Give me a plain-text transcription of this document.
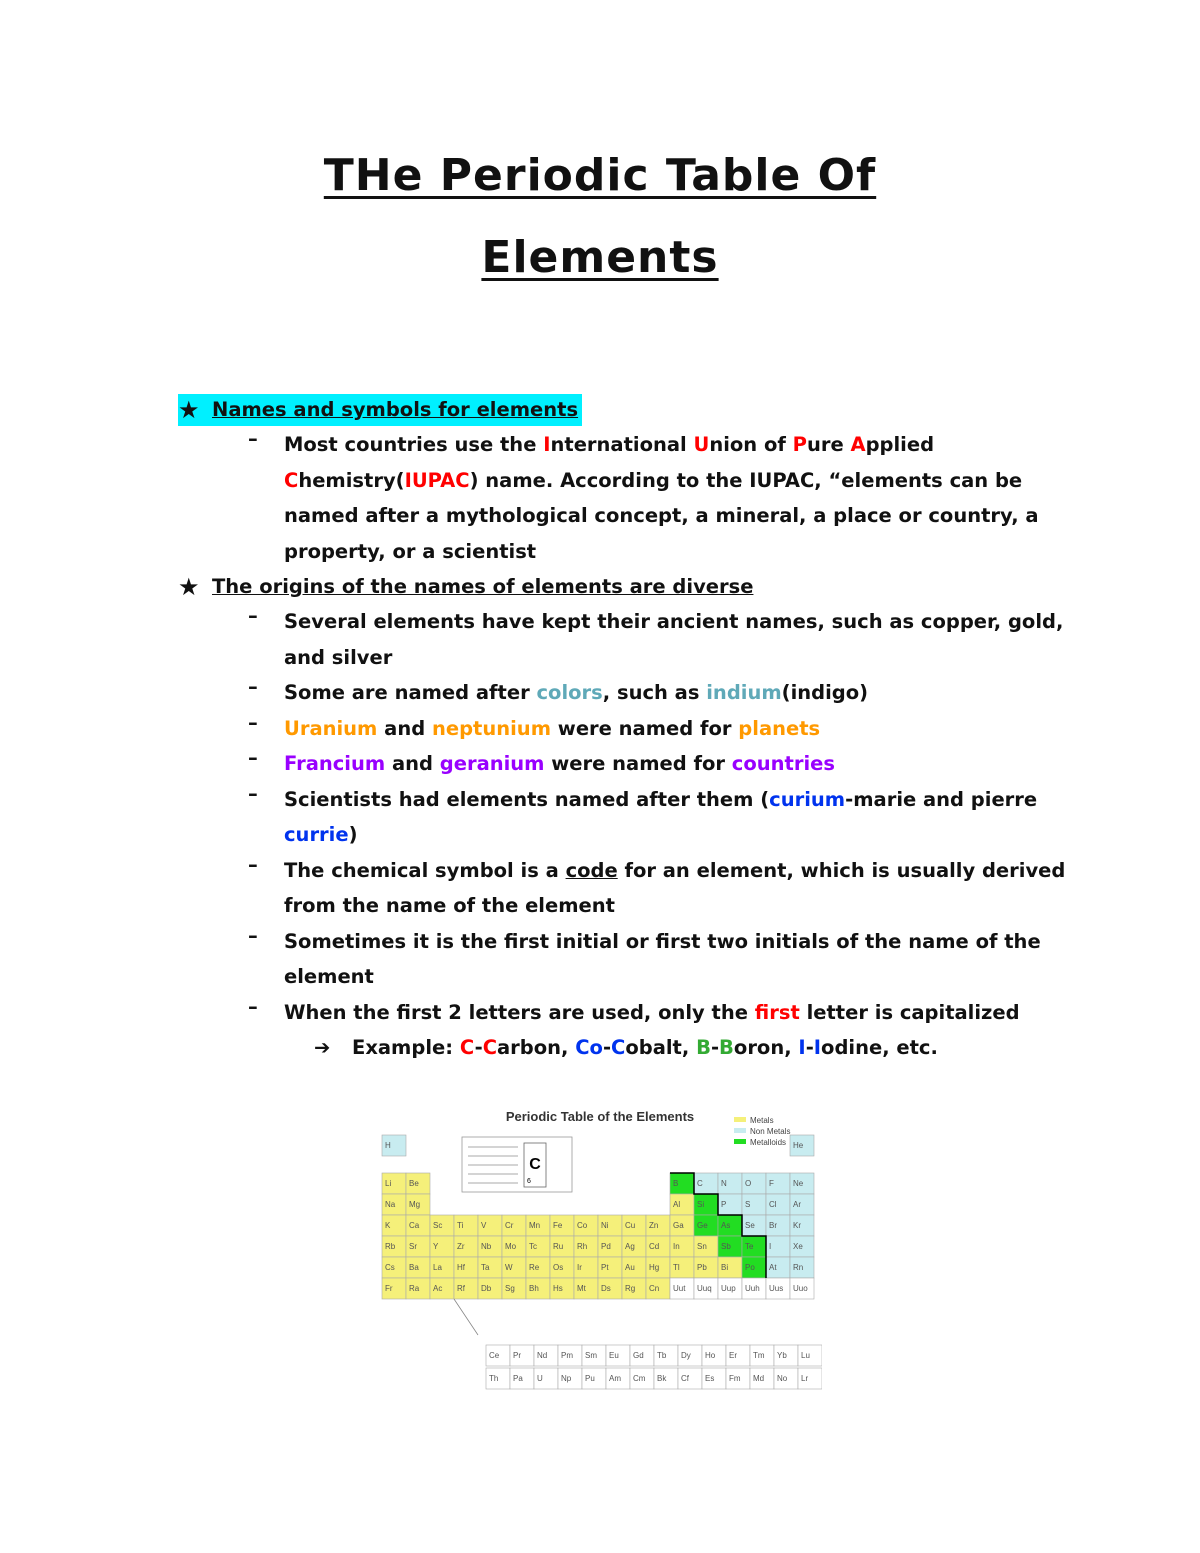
THe Periodic Table Of
Elements
★ Names and symbols for elements
–	Most countries use the International Union of Pure Applied Chemistry(IUPAC) name. According to the IUPAC, “elements can be named after a mythological concept, a mineral, a place or country, a property, or a scientist
★ The origins of the names of elements are diverse
–	Several elements have kept their ancient names, such as copper, gold, and silver
–	Some are named after colors, such as indium(indigo)
–	Uranium and neptunium were named for planets
–	Francium and geranium were named for countries
–	Scientists had elements named after them (curium-marie and pierre currie)
–	The chemical symbol is a code for an element, which is usually derived from the name of the element
–	Sometimes it is the first initial or first two initials of the name of the element
–	When the first 2 letters are used, only the first letter is capitalized
➔	Example: C-Carbon, Co-Cobalt, B-Boron, I-Iodine, etc.
Periodic Table of the Elements	Metals
Non Metals
Metalloids
C
6
H	He
Li Be	B C N O F Ne
Na Mg	Al Si P S Cl Ar
K Ca Sc Ti V Cr Mn Fe Co Ni Cu Zn Ga Ge As Se Br Kr
Rb Sr Y Zr Nb Mo Tc Ru Rh Pd Ag Cd In Sn Sb Te I	Xe
Cs Ba La Hf Ta W Re Os Ir Pt Au Hg Tl Pb Bi Po At Rn
Fr Ra Ac Rf Db Sg Bh Hs Mt Ds Rg Cn Uut Uuq Uup Uuh Uus Uuo
Ce Pr Nd Pm Sm Eu Gd Tb Dy Ho Er Tm Yb Lu
Th Pa U Np Pu Am Cm Bk Cf Es Fm Md No Lr
